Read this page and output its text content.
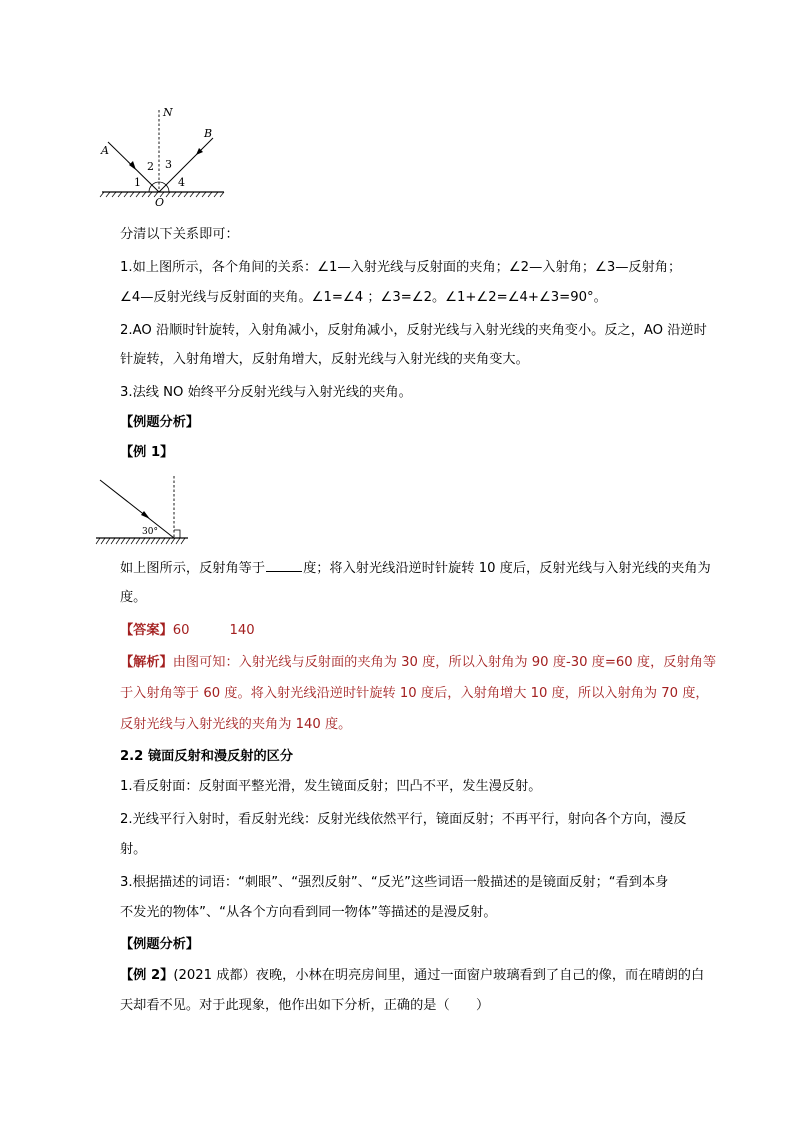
N
A
B
O
1
2 3
4

分清以下关系即可：

1.如上图所示，各个角间的关系：∠1—入射光线与反射面的夹角；∠2—入射角；∠3—反射角；

∠4—反射光线与反射面的夹角。∠1=∠4 ；∠3=∠2。∠1+∠2=∠4+∠3=90°。

2.AO 沿顺时针旋转，入射角减小，反射角减小，反射光线与入射光线的夹角变小。反之，AO 沿逆时

针旋转，入射角增大，反射角增大，反射光线与入射光线的夹角变大。

3.法线 NO 始终平分反射光线与入射光线的夹角。

【例题分析】

【例 1】

30°

如上图所示，反射角等于	度；将入射光线沿逆时针旋转 10 度后，反射光线与入射光线的夹角为

度。

【答案】60	140

【解析】由图可知：入射光线与反射面的夹角为 30 度，所以入射角为 90 度-30 度=60 度，反射角等

于入射角等于 60 度。将入射光线沿逆时针旋转 10 度后，入射角增大 10 度，所以入射角为 70 度，

反射光线与入射光线的夹角为 140 度。

2.2 镜面反射和漫反射的区分

1.看反射面：反射面平整光滑，发生镜面反射；凹凸不平，发生漫反射。

2.光线平行入射时，看反射光线：反射光线依然平行，镜面反射；不再平行，射向各个方向，漫反

射。

3.根据描述的词语：“刺眼”、“强烈反射”、“反光”这些词语一般描述的是镜面反射；“看到本身

不发光的物体”、“从各个方向看到同一物体”等描述的是漫反射。

【例题分析】

【例 2】(2021 成都）夜晚，小林在明亮房间里，通过一面窗户玻璃看到了自己的像，而在晴朗的白

天却看不见。对于此现象，他作出如下分析，正确的是（　　）
